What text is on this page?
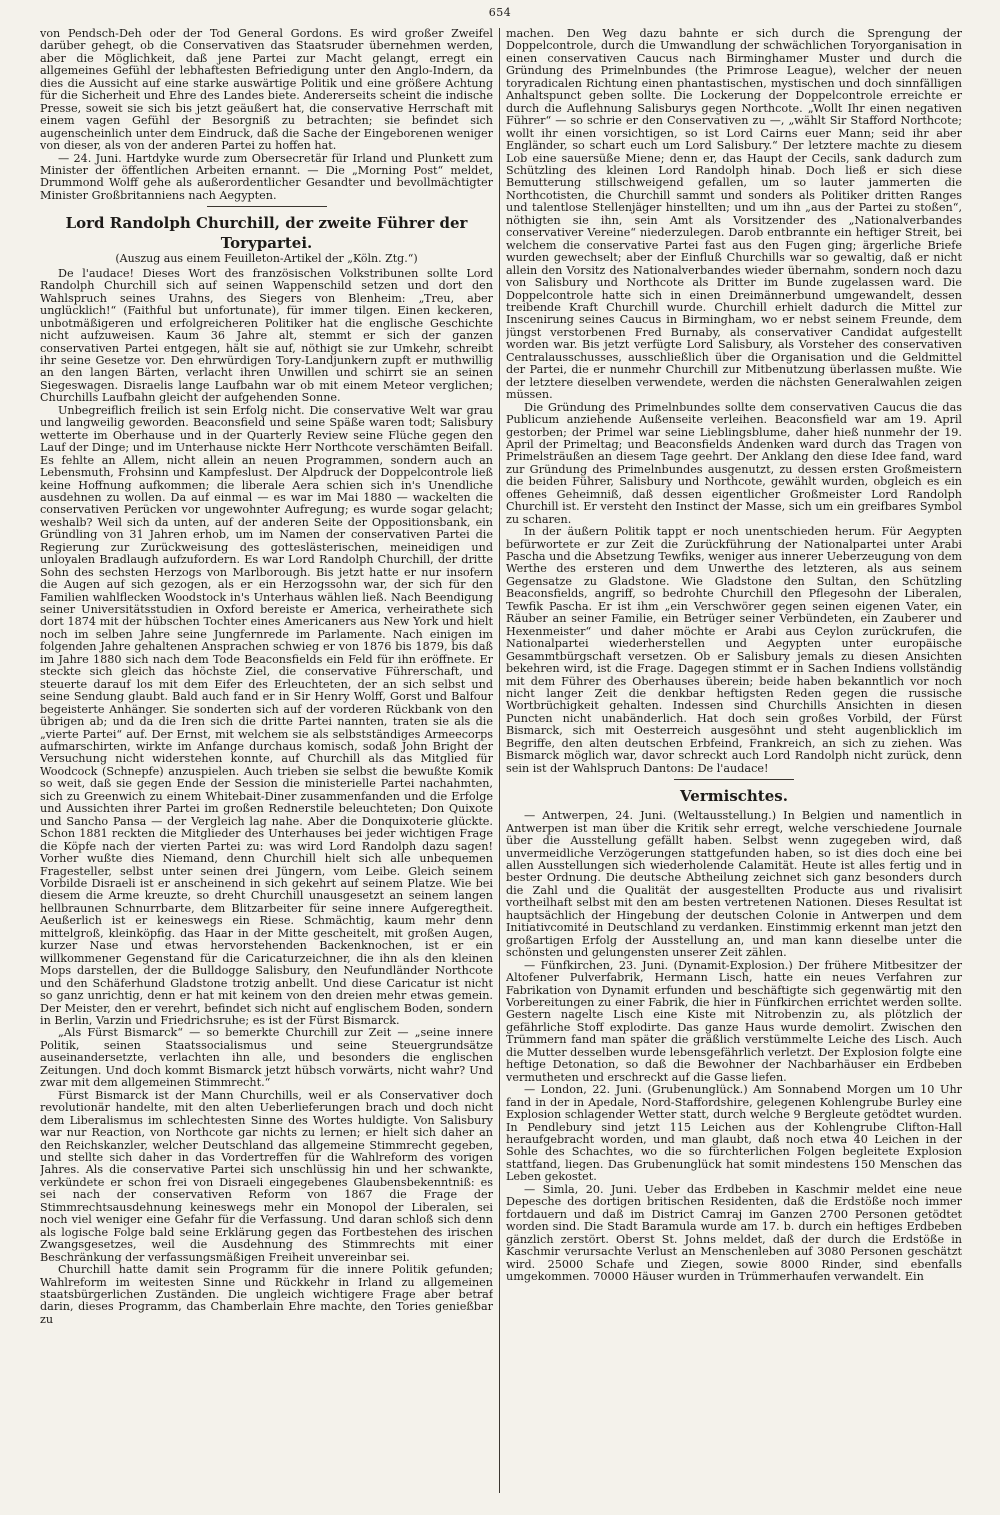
654

von Pendsch-Deh oder der Tod General Gordons. Es wird großer Zweifel darüber gehegt, ob die Conservativen das Staatsruder übernehmen werden, aber die Möglichkeit, daß jene Partei zur Macht gelangt, erregt ein allgemeines Gefühl der lebhaftesten Befriedigung unter den Anglo-Indern, da dies die Aussicht auf eine starke auswärtige Politik und eine größere Achtung für die Sicherheit und Ehre des Landes biete. Andererseits scheint die indische Presse, soweit sie sich bis jetzt geäußert hat, die conservative Herrschaft mit einem vagen Gefühl der Besorgniß zu betrachten; sie befindet sich augenscheinlich unter dem Eindruck, daß die Sache der Eingeborenen weniger von dieser, als von der anderen Partei zu hoffen hat.

— 24. Juni. Hartdyke wurde zum Obersecretär für Irland und Plunkett zum Minister der öffentlichen Arbeiten ernannt. — Die „Morning Post“ meldet, Drummond Wolff gehe als außerordentlicher Gesandter und bevollmächtigter Minister Großbritanniens nach Aegypten.

Lord Randolph Churchill, der zweite Führer der Torypartei.
(Auszug aus einem Feuilleton-Artikel der „Köln. Ztg.“)

De l'audace! Dieses Wort des französischen Volkstribunen sollte Lord Randolph Churchill sich auf seinen Wappenschild setzen und dort den Wahlspruch seines Urahns, des Siegers von Blenheim: „Treu, aber unglücklich!“ (Faithful but unfortunate), für immer tilgen. Einen keckeren, unbotmäßigeren und erfolgreicheren Politiker hat die englische Geschichte nicht aufzuweisen. Kaum 36 Jahre alt, stemmt er sich der ganzen conservativen Partei entgegen, hält sie auf, nöthigt sie zur Umkehr, schreibt ihr seine Gesetze vor. Den ehrwürdigen Tory-Landjunkern zupft er muthwillig an den langen Bärten, verlacht ihren Unwillen und schirrt sie an seinen Siegeswagen. Disraelis lange Laufbahn war ob mit einem Meteor verglichen; Churchills Laufbahn gleicht der aufgehenden Sonne.

Unbegreiflich freilich ist sein Erfolg nicht. Die conservative Welt war grau und langweilig geworden. Beaconsfield und seine Späße waren todt; Salisbury wetterte im Oberhause und in der Quarterly Review seine Flüche gegen den Lauf der Dinge; und im Unterhause nickte Herr Northcote verschämten Beifall. Es fehlte an Allem, nicht allein an neuen Programmen, sondern auch an Lebensmuth, Frohsinn und Kampfeslust. Der Alpdruck der Doppelcontrole ließ keine Hoffnung aufkommen; die liberale Aera schien sich in's Unendliche ausdehnen zu wollen. Da auf einmal — es war im Mai 1880 — wackelten die conservativen Perücken vor ungewohnter Aufregung; es wurde sogar gelacht; weshalb? Weil sich da unten, auf der anderen Seite der Oppositionsbank, ein Gründling von 31 Jahren erhob, um im Namen der conservativen Partei die Regierung zur Zurückweisung des gotteslästerischen, meineidigen und unloyalen Bradlaugh aufzufordern. Es war Lord Randolph Churchill, der dritte Sohn des sechsten Herzogs von Marlborough. Bis jetzt hatte er nur insofern die Augen auf sich gezogen, als er ein Herzogssohn war, der sich für den Familien wahlflecken Woodstock in's Unterhaus wählen ließ. Nach Beendigung seiner Universitätsstudien in Oxford bereiste er America, verheirathete sich dort 1874 mit der hübschen Tochter eines Americaners aus New York und hielt noch im selben Jahre seine Jungfernrede im Parlamente. Nach einigen im folgenden Jahre gehaltenen Ansprachen schwieg er von 1876 bis 1879, bis daß im Jahre 1880 sich nach dem Tode Beaconsfields ein Feld für ihn eröffnete. Er steckte sich gleich das höchste Ziel, die conservative Führerschaft, und steuerte darauf los mit dem Eifer des Erleuchteten, der an sich selbst und seine Sendung glaubt. Bald auch fand er in Sir Henry Wolff, Gorst und Balfour begeisterte Anhänger. Sie sonderten sich auf der vorderen Rückbank von den übrigen ab; und da die Iren sich die dritte Partei nannten, traten sie als die „vierte Partei“ auf. Der Ernst, mit welchem sie als selbstständiges Armeecorps aufmarschirten, wirkte im Anfange durchaus komisch, sodaß John Bright der Versuchung nicht widerstehen konnte, auf Churchill als das Mitglied für Woodcock (Schnepfe) anzuspielen. Auch trieben sie selbst die bewußte Komik so weit, daß sie gegen Ende der Session die ministerielle Partei nachahmten, sich zu Greenwich zu einem Whitebait-Diner zusammenfanden und die Erfolge und Aussichten ihrer Partei im großen Rednerstile beleuchteten; Don Quixote und Sancho Pansa — der Vergleich lag nahe. Aber die Donquixoterie glückte. Schon 1881 reckten die Mitglieder des Unterhauses bei jeder wichtigen Frage die Köpfe nach der vierten Partei zu: was wird Lord Randolph dazu sagen! Vorher wußte dies Niemand, denn Churchill hielt sich alle unbequemen Fragesteller, selbst unter seinen drei Jüngern, vom Leibe. Gleich seinem Vorbilde Disraeli ist er anscheinend in sich gekehrt auf seinem Platze. Wie bei diesem die Arme kreuzte, so dreht Churchill unausgesetzt an seinem langen hellbraunen Schnurrbarte, dem Blitzarbeiter für seine innere Aufgeregtheit. Aeußerlich ist er keineswegs ein Riese. Schmächtig, kaum mehr denn mittelgroß, kleinköpfig. das Haar in der Mitte gescheitelt, mit großen Augen, kurzer Nase und etwas hervorstehenden Backenknochen, ist er ein willkommener Gegenstand für die Caricaturzeichner, die ihn als den kleinen Mops darstellen, der die Bulldogge Salisbury, den Neufundländer Northcote und den Schäferhund Gladstone trotzig anbellt. Und diese Caricatur ist nicht so ganz unrichtig, denn er hat mit keinem von den dreien mehr etwas gemein. Der Meister, den er verehrt, befindet sich nicht auf englischem Boden, sondern in Berlin, Varzin und Friedrichsruhe; es ist der Fürst Bismarck.

„Als Fürst Bismarck“ — so bemerkte Churchill zur Zeit — „seine innere Politik, seinen Staatssocialismus und seine Steuergrundsätze auseinandersetzte, verlachten ihn alle, und besonders die englischen Zeitungen. Und doch kommt Bismarck jetzt hübsch vorwärts, nicht wahr? Und zwar mit dem allgemeinen Stimmrecht.“

Fürst Bismarck ist der Mann Churchills, weil er als Conservativer doch revolutionär handelte, mit den alten Ueberlieferungen brach und doch nicht dem Liberalismus im schlechtesten Sinne des Wortes huldigte. Von Salisbury war nur Reaction, von Northcote gar nichts zu lernen; er hielt sich daher an den Reichskanzler, welcher Deutschland das allgemeine Stimmrecht gegeben, und stellte sich daher in das Vordertreffen für die Wahlreform des vorigen Jahres. Als die conservative Partei sich unschlüssig hin und her schwankte, verkündete er schon frei von Disraeli eingegebenes Glaubensbekenntniß: es sei nach der conservativen Reform von 1867 die Frage der Stimmrechtsausdehnung keineswegs mehr ein Monopol der Liberalen, sei noch viel weniger eine Gefahr für die Verfassung. Und daran schloß sich denn als logische Folge bald seine Erklärung gegen das Fortbestehen des irischen Zwangsgesetzes, weil die Ausdehnung des Stimmrechts mit einer Beschränkung der verfassungsmäßigen Freiheit unvereinbar sei.

Churchill hatte damit sein Programm für die innere Politik gefunden; Wahlreform im weitesten Sinne und Rückkehr in Irland zu allgemeinen staatsbürgerlichen Zuständen. Die ungleich wichtigere Frage aber betraf darin, dieses Programm, das Chamberlain Ehre machte, den Tories genießbar zu

machen. Den Weg dazu bahnte er sich durch die Sprengung der Doppelcontrole, durch die Umwandlung der schwächlichen Toryorganisation in einen conservativen Caucus nach Birminghamer Muster und durch die Gründung des Primelnbundes (the Primrose League), welcher der neuen toryradicalen Richtung einen phantastischen, mystischen und doch sinnfälligen Anhaltspunct geben sollte. Die Lockerung der Doppelcontrole erreichte er durch die Auflehnung Salisburys gegen Northcote. „Wollt Ihr einen negativen Führer“ — so schrie er den Conservativen zu —, „wählt Sir Stafford Northcote; wollt ihr einen vorsichtigen, so ist Lord Cairns euer Mann; seid ihr aber Engländer, so schart euch um Lord Salisbury.“ Der letztere machte zu diesem Lob eine sauersüße Miene; denn er, das Haupt der Cecils, sank dadurch zum Schützling des kleinen Lord Randolph hinab. Doch ließ er sich diese Bemutterung stillschweigend gefallen, um so lauter jammerten die Northcotisten, die Churchill sammt und sonders als Politiker dritten Ranges und talentlose Stellenjäger hinstellten; und um ihn „aus der Partei zu stoßen“, nöthigten sie ihn, sein Amt als Vorsitzender des „Nationalverbandes conservativer Vereine“ niederzulegen. Darob entbrannte ein heftiger Streit, bei welchem die conservative Partei fast aus den Fugen ging; ärgerliche Briefe wurden gewechselt; aber der Einfluß Churchills war so gewaltig, daß er nicht allein den Vorsitz des Nationalverbandes wieder übernahm, sondern noch dazu von Salisbury und Northcote als Dritter im Bunde zugelassen ward. Die Doppelcontrole hatte sich in einen Dreimännerbund umgewandelt, dessen treibende Kraft Churchill wurde. Churchill erhielt dadurch die Mittel zur Inscenirung seines Caucus in Birmingham, wo er nebst seinem Freunde, dem jüngst verstorbenen Fred Burnaby, als conservativer Candidat aufgestellt worden war. Bis jetzt verfügte Lord Salisbury, als Vorsteher des conservativen Centralausschusses, ausschließlich über die Organisation und die Geldmittel der Partei, die er nunmehr Churchill zur Mitbenutzung überlassen mußte. Wie der letztere dieselben verwendete, werden die nächsten Generalwahlen zeigen müssen.

Die Gründung des Primelnbundes sollte dem conservativen Caucus die das Publicum anziehende Außenseite verleihen. Beaconsfield war am 19. April gestorben; der Primel war seine Lieblingsblume, daher hieß nunmehr der 19. April der Primeltag; und Beaconsfields Andenken ward durch das Tragen von Primelsträußen an diesem Tage geehrt. Der Anklang den diese Idee fand, ward zur Gründung des Primelnbundes ausgenutzt, zu dessen ersten Großmeistern die beiden Führer, Salisbury und Northcote, gewählt wurden, obgleich es ein offenes Geheimniß, daß dessen eigentlicher Großmeister Lord Randolph Churchill ist. Er versteht den Instinct der Masse, sich um ein greifbares Symbol zu scharen.

In der äußern Politik tappt er noch unentschieden herum. Für Aegypten befürwortete er zur Zeit die Zurückführung der Nationalpartei unter Arabi Pascha und die Absetzung Tewfiks, weniger aus innerer Ueberzeugung von dem Werthe des ersteren und dem Unwerthe des letzteren, als aus seinem Gegensatze zu Gladstone. Wie Gladstone den Sultan, den Schützling Beaconsfields, angriff, so bedrohte Churchill den Pflegesohn der Liberalen, Tewfik Pascha. Er ist ihm „ein Verschwörer gegen seinen eigenen Vater, ein Räuber an seiner Familie, ein Betrüger seiner Verbündeten, ein Zauberer und Hexenmeister“ und daher möchte er Arabi aus Ceylon zurückrufen, die Nationalpartei wiederherstellen und Aegypten unter europäische Gesammtbürgschaft versetzen. Ob er Salisbury jemals zu diesen Ansichten bekehren wird, ist die Frage. Dagegen stimmt er in Sachen Indiens vollständig mit dem Führer des Oberhauses überein; beide haben bekanntlich vor noch nicht langer Zeit die denkbar heftigsten Reden gegen die russische Wortbrüchigkeit gehalten. Indessen sind Churchills Ansichten in diesen Puncten nicht unabänderlich. Hat doch sein großes Vorbild, der Fürst Bismarck, sich mit Oesterreich ausgesöhnt und steht augenblicklich im Begriffe, den alten deutschen Erbfeind, Frankreich, an sich zu ziehen. Was Bismarck möglich war, davor schreckt auch Lord Randolph nicht zurück, denn sein ist der Wahlspruch Dantons: De l'audace!

Vermischtes.

— Antwerpen, 24. Juni. (Weltausstellung.) In Belgien und namentlich in Antwerpen ist man über die Kritik sehr erregt, welche verschiedene Journale über die Ausstellung gefällt haben. Selbst wenn zugegeben wird, daß unvermeidliche Verzögerungen stattgefunden haben, so ist dies doch eine bei allen Ausstellungen sich wiederholende Calamität. Heute ist alles fertig und in bester Ordnung. Die deutsche Abtheilung zeichnet sich ganz besonders durch die Zahl und die Qualität der ausgestellten Producte aus und rivalisirt vortheilhaft selbst mit den am besten vertretenen Nationen. Dieses Resultat ist hauptsächlich der Hingebung der deutschen Colonie in Antwerpen und dem Initiativcomité in Deutschland zu verdanken. Einstimmig erkennt man jetzt den großartigen Erfolg der Ausstellung an, und man kann dieselbe unter die schönsten und gelungensten unserer Zeit zählen.

— Fünfkirchen, 23. Juni. (Dynamit-Explosion.) Der frühere Mitbesitzer der Altofener Pulverfabrik, Hermann Lisch, hatte ein neues Verfahren zur Fabrikation von Dynamit erfunden und beschäftigte sich gegenwärtig mit den Vorbereitungen zu einer Fabrik, die hier in Fünfkirchen errichtet werden sollte. Gestern nagelte Lisch eine Kiste mit Nitrobenzin zu, als plötzlich der gefährliche Stoff explodirte. Das ganze Haus wurde demolirt. Zwischen den Trümmern fand man später die gräßlich verstümmelte Leiche des Lisch. Auch die Mutter desselben wurde lebensgefährlich verletzt. Der Explosion folgte eine heftige Detonation, so daß die Bewohner der Nachbarhäuser ein Erdbeben vermutheten und erschreckt auf die Gasse liefen.

— London, 22. Juni. (Grubenunglück.) Am Sonnabend Morgen um 10 Uhr fand in der in Apedale, Nord-Staffordshire, gelegenen Kohlengrube Burley eine Explosion schlagender Wetter statt, durch welche 9 Bergleute getödtet wurden. In Pendlebury sind jetzt 115 Leichen aus der Kohlengrube Clifton-Hall heraufgebracht worden, und man glaubt, daß noch etwa 40 Leichen in der Sohle des Schachtes, wo die so fürchterlichen Folgen begleitete Explosion stattfand, liegen. Das Grubenunglück hat somit mindestens 150 Menschen das Leben gekostet.

— Simla, 20. Juni. Ueber das Erdbeben in Kaschmir meldet eine neue Depesche des dortigen britischen Residenten, daß die Erdstöße noch immer fortdauern und daß im District Camraj im Ganzen 2700 Personen getödtet worden sind. Die Stadt Baramula wurde am 17. b. durch ein heftiges Erdbeben gänzlich zerstört. Oberst St. Johns meldet, daß der durch die Erdstöße in Kaschmir verursachte Verlust an Menschenleben auf 3080 Personen geschätzt wird. 25000 Schafe und Ziegen, sowie 8000 Rinder, sind ebenfalls umgekommen. 70000 Häuser wurden in Trümmerhaufen verwandelt. Ein
